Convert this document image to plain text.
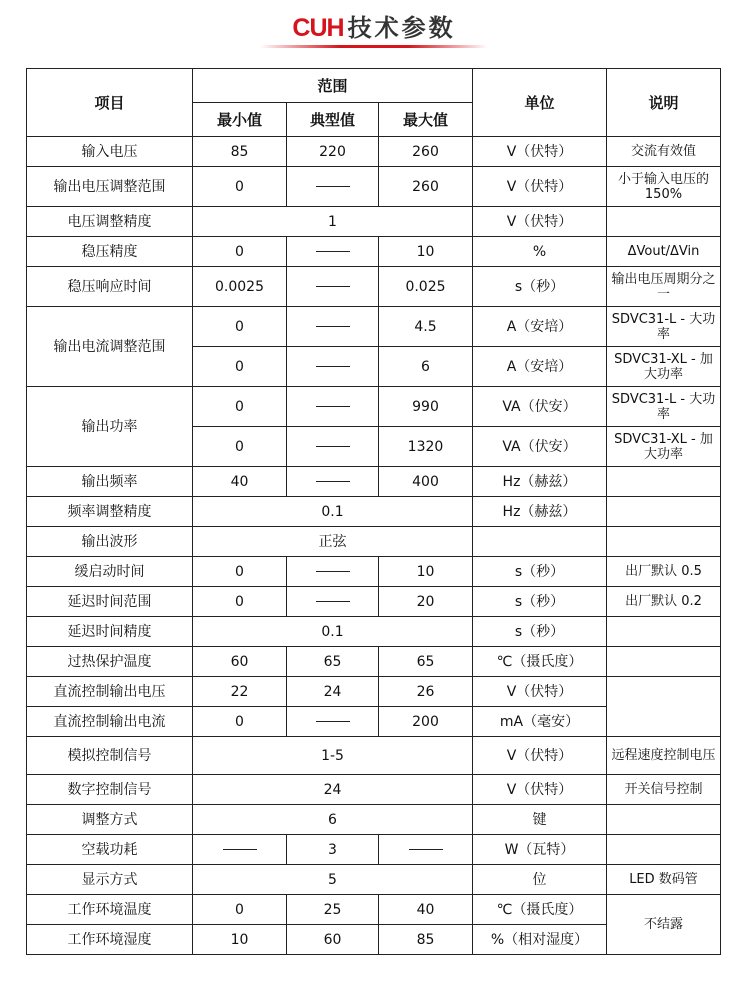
CUH 技术参数
项目	范围			单位	说明
	最小值	典型值	最大值		
输入电压	85	220	260	V（伏特）	交流有效值
输出电压调整范围	0		260	V（伏特）	小于输入电压的 150%
电压调整精度	1			V（伏特）	
稳压精度	0		10	%	ΔVout/ΔVin
稳压响应时间	0.0025		0.025	s（秒）	输出电压周期分之一
输出电流调整范围	0		4.5	A（安培）	SDVC31-L - 大功率
	0		6	A（安培）	SDVC31-XL - 加大功率
输出功率	0		990	VA（伏安）	SDVC31-L - 大功率
	0		1320	VA（伏安）	SDVC31-XL - 加大功率
输出频率	40		400	Hz（赫兹）	
频率调整精度	0.1			Hz（赫兹）	
输出波形	正弦				
缓启动时间	0		10	s（秒）	出厂默认 0.5
延迟时间范围	0		20	s（秒）	出厂默认 0.2
延迟时间精度	0.1			s（秒）	
过热保护温度	60	65	65	℃（摄氏度）	
直流控制输出电压	22	24	26	V（伏特）	
直流控制输出电流	0		200	mA（毫安）	
模拟控制信号	1-5			V（伏特）	远程速度控制电压
数字控制信号	24			V（伏特）	开关信号控制
调整方式	6			键	
空载功耗		3		W（瓦特）	
显示方式	5			位	LED 数码管
工作环境温度	0	25	40	℃（摄氏度）	不结露
工作环境湿度	10	60	85	%（相对湿度）	
